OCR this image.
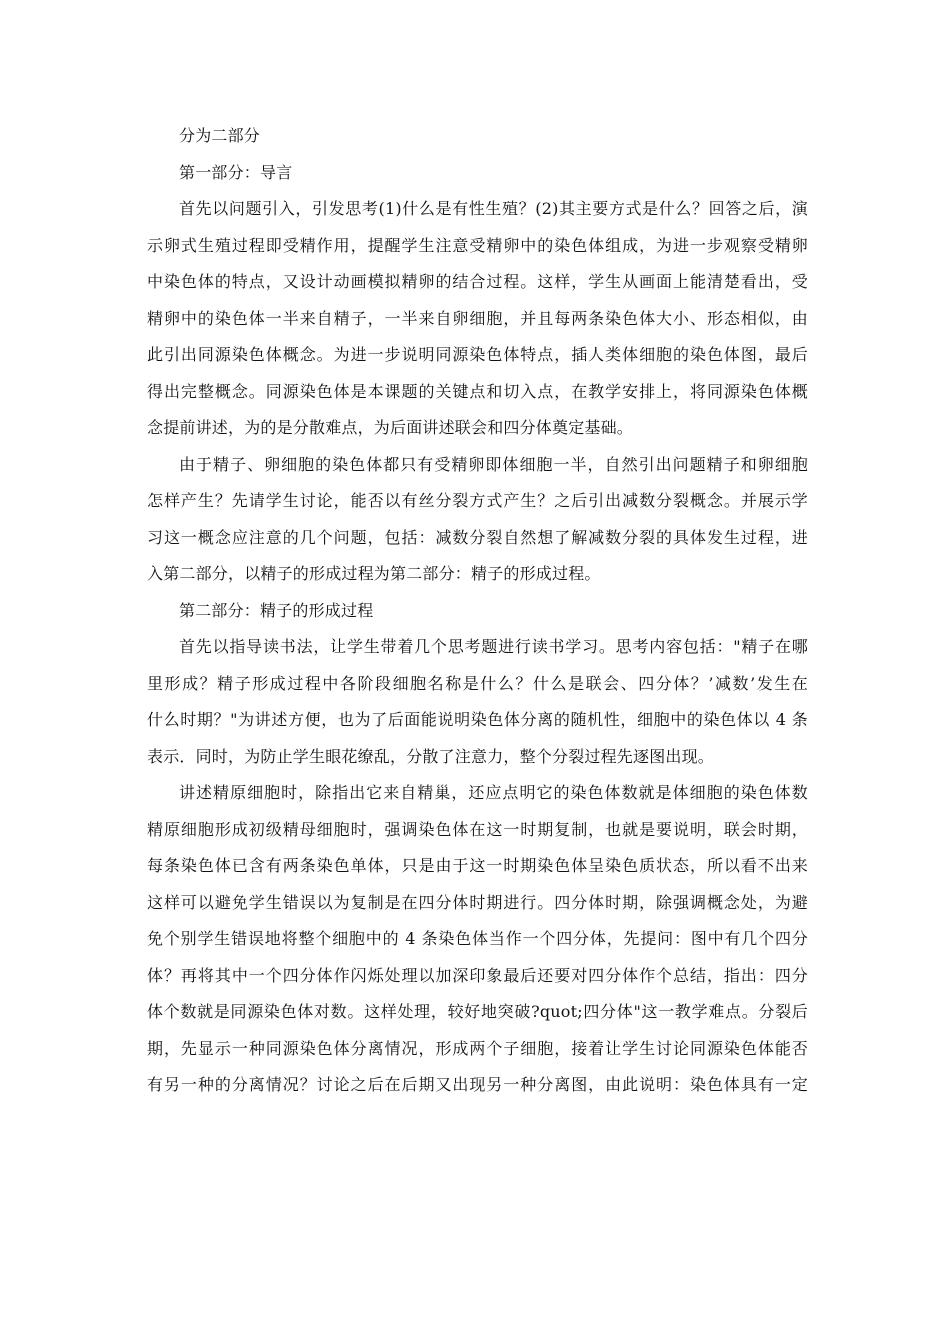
分为二部分
第一部分：导言
首先以问题引入，引发思考(1)什么是有性生殖？(2)其主要方式是什么？回答之后，演
示卵式生殖过程即受精作用，提醒学生注意受精卵中的染色体组成，为进一步观察受精卵
中染色体的特点，又设计动画模拟精卵的结合过程。这样，学生从画面上能清楚看出，受
精卵中的染色体一半来自精子，一半来自卵细胞，并且每两条染色体大小、形态相似，由
此引出同源染色体概念。为进一步说明同源染色体特点，插人类体细胞的染色体图，最后
得出完整概念。同源染色体是本课题的关键点和切入点，在教学安排上，将同源染色体概
念提前讲述，为的是分散难点，为后面讲述联会和四分体奠定基础。
由于精子、卵细胞的染色体都只有受精卵即体细胞一半，自然引出问题精子和卵细胞
怎样产生？先请学生讨论，能否以有丝分裂方式产生？之后引出减数分裂概念。并展示学
习这一概念应注意的几个问题，包括：减数分裂自然想了解减数分裂的具体发生过程，进
入第二部分，以精子的形成过程为第二部分：精子的形成过程。
第二部分：精子的形成过程
首先以指导读书法，让学生带着几个思考题进行读书学习。思考内容包括："精子在哪
里形成？精子形成过程中各阶段细胞名称是什么？什么是联会、四分体？’减数’发生在
什么时期？"为讲述方便，也为了后面能说明染色体分离的随机性，细胞中的染色体以 4 条
表示．同时，为防止学生眼花缭乱，分散了注意力，整个分裂过程先逐图出现。
讲述精原细胞时，除指出它来自精巢，还应点明它的染色体数就是体细胞的染色体数
精原细胞形成初级精母细胞时，强调染色体在这一时期复制，也就是要说明，联会时期，
每条染色体已含有两条染色单体，只是由于这一时期染色体呈染色质状态，所以看不出来
这样可以避免学生错误以为复制是在四分体时期进行。四分体时期，除强调概念处，为避
免个别学生错误地将整个细胞中的 4 条染色体当作一个四分体，先提问：图中有几个四分
体？再将其中一个四分体作闪烁处理以加深印象最后还要对四分体作个总结，指出：四分
体个数就是同源染色体对数。这样处理，较好地突破?quot;四分体"这一教学难点。分裂后
期，先显示一种同源染色体分离情况，形成两个子细胞，接着让学生讨论同源染色体能否
有另一种的分离情况？讨论之后在后期又出现另一种分离图，由此说明：染色体具有一定
